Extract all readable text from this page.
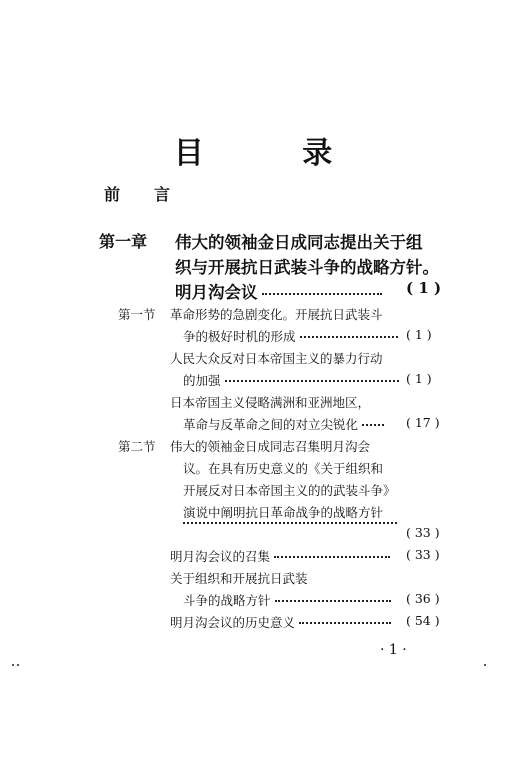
目 录
前言
第一章 伟大的领袖金日成同志提出关于组
织与开展抗日武装斗争的战略方针。
明月沟会议	( 1 )
第一节 革命形势的急剧变化。开展抗日武装斗
争的极好时机的形成	( 1 )
人民大众反对日本帝国主义的暴力行动
的加强	( 1 )
日本帝国主义侵略满洲和亚洲地区，
革命与反革命之间的对立尖锐化	( 17 )
第二节 伟大的领袖金日成同志召集明月沟会
议。在具有历史意义的《关于组织和
开展反对日本帝国主义的的武装斗争》
演说中阐明抗日革命战争的战略方针
( 33 )
明月沟会议的召集	( 33 )
关于组织和开展抗日武装
斗争的战略方针	( 36 )
明月沟会议的历史意义	( 54 )
· 1 ·
